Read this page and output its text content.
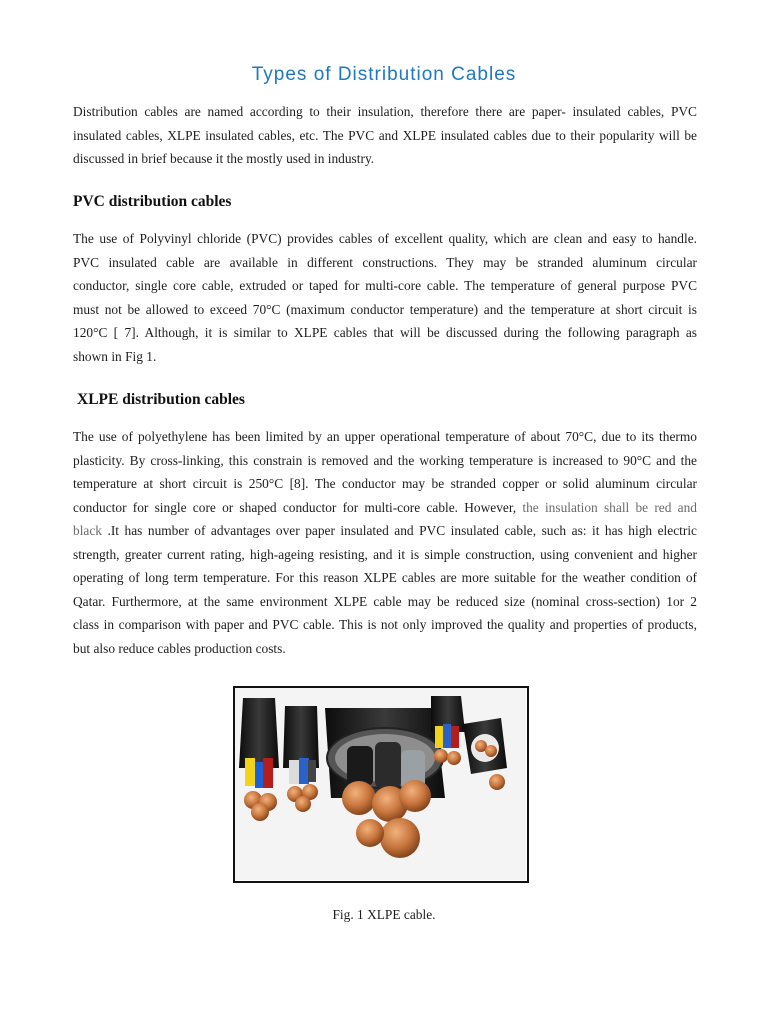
Types of Distribution Cables

Distribution cables are named according to their insulation, therefore there are paper- insulated cables, PVC
insulated cables, XLPE insulated cables, etc. The PVC and XLPE insulated cables due to their popularity will be
discussed in brief because it the mostly used in industry.

PVC distribution cables

The use of Polyvinyl chloride (PVC) provides cables of excellent quality, which are clean and easy to handle.
PVC insulated cable are available in different constructions. They may be stranded aluminum circular
conductor, single core cable, extruded or taped for multi-core cable. The temperature of general purpose PVC
must not be allowed to exceed 70°C (maximum conductor temperature) and the temperature at short circuit is
120°C [ 7]. Although, it is similar to XLPE cables that will be discussed during the following paragraph as
shown in Fig 1.

XLPE distribution cables

The use of polyethylene has been limited by an upper operational temperature of about 70°C, due to its thermo
plasticity. By cross-linking, this constrain is removed and the working temperature is increased to 90°C and the
temperature at short circuit is 250°C [8]. The conductor may be stranded copper or solid aluminum circular
conductor for single core or shaped conductor for multi-core cable. However, the insulation shall be red and
black .It has number of advantages over paper insulated and PVC insulated cable, such as: it has high electric
strength, greater current rating, high-ageing resisting, and it is simple construction, using convenient and higher
operating of long term temperature. For this reason XLPE cables are more suitable for the weather condition of
Qatar. Furthermore, at the same environment XLPE cable may be reduced size (nominal cross-section) 1or 2
class in comparison with paper and PVC cable. This is not only improved the quality and properties of products,
but also reduce cables production costs.

Fig. 1 XLPE cable.
